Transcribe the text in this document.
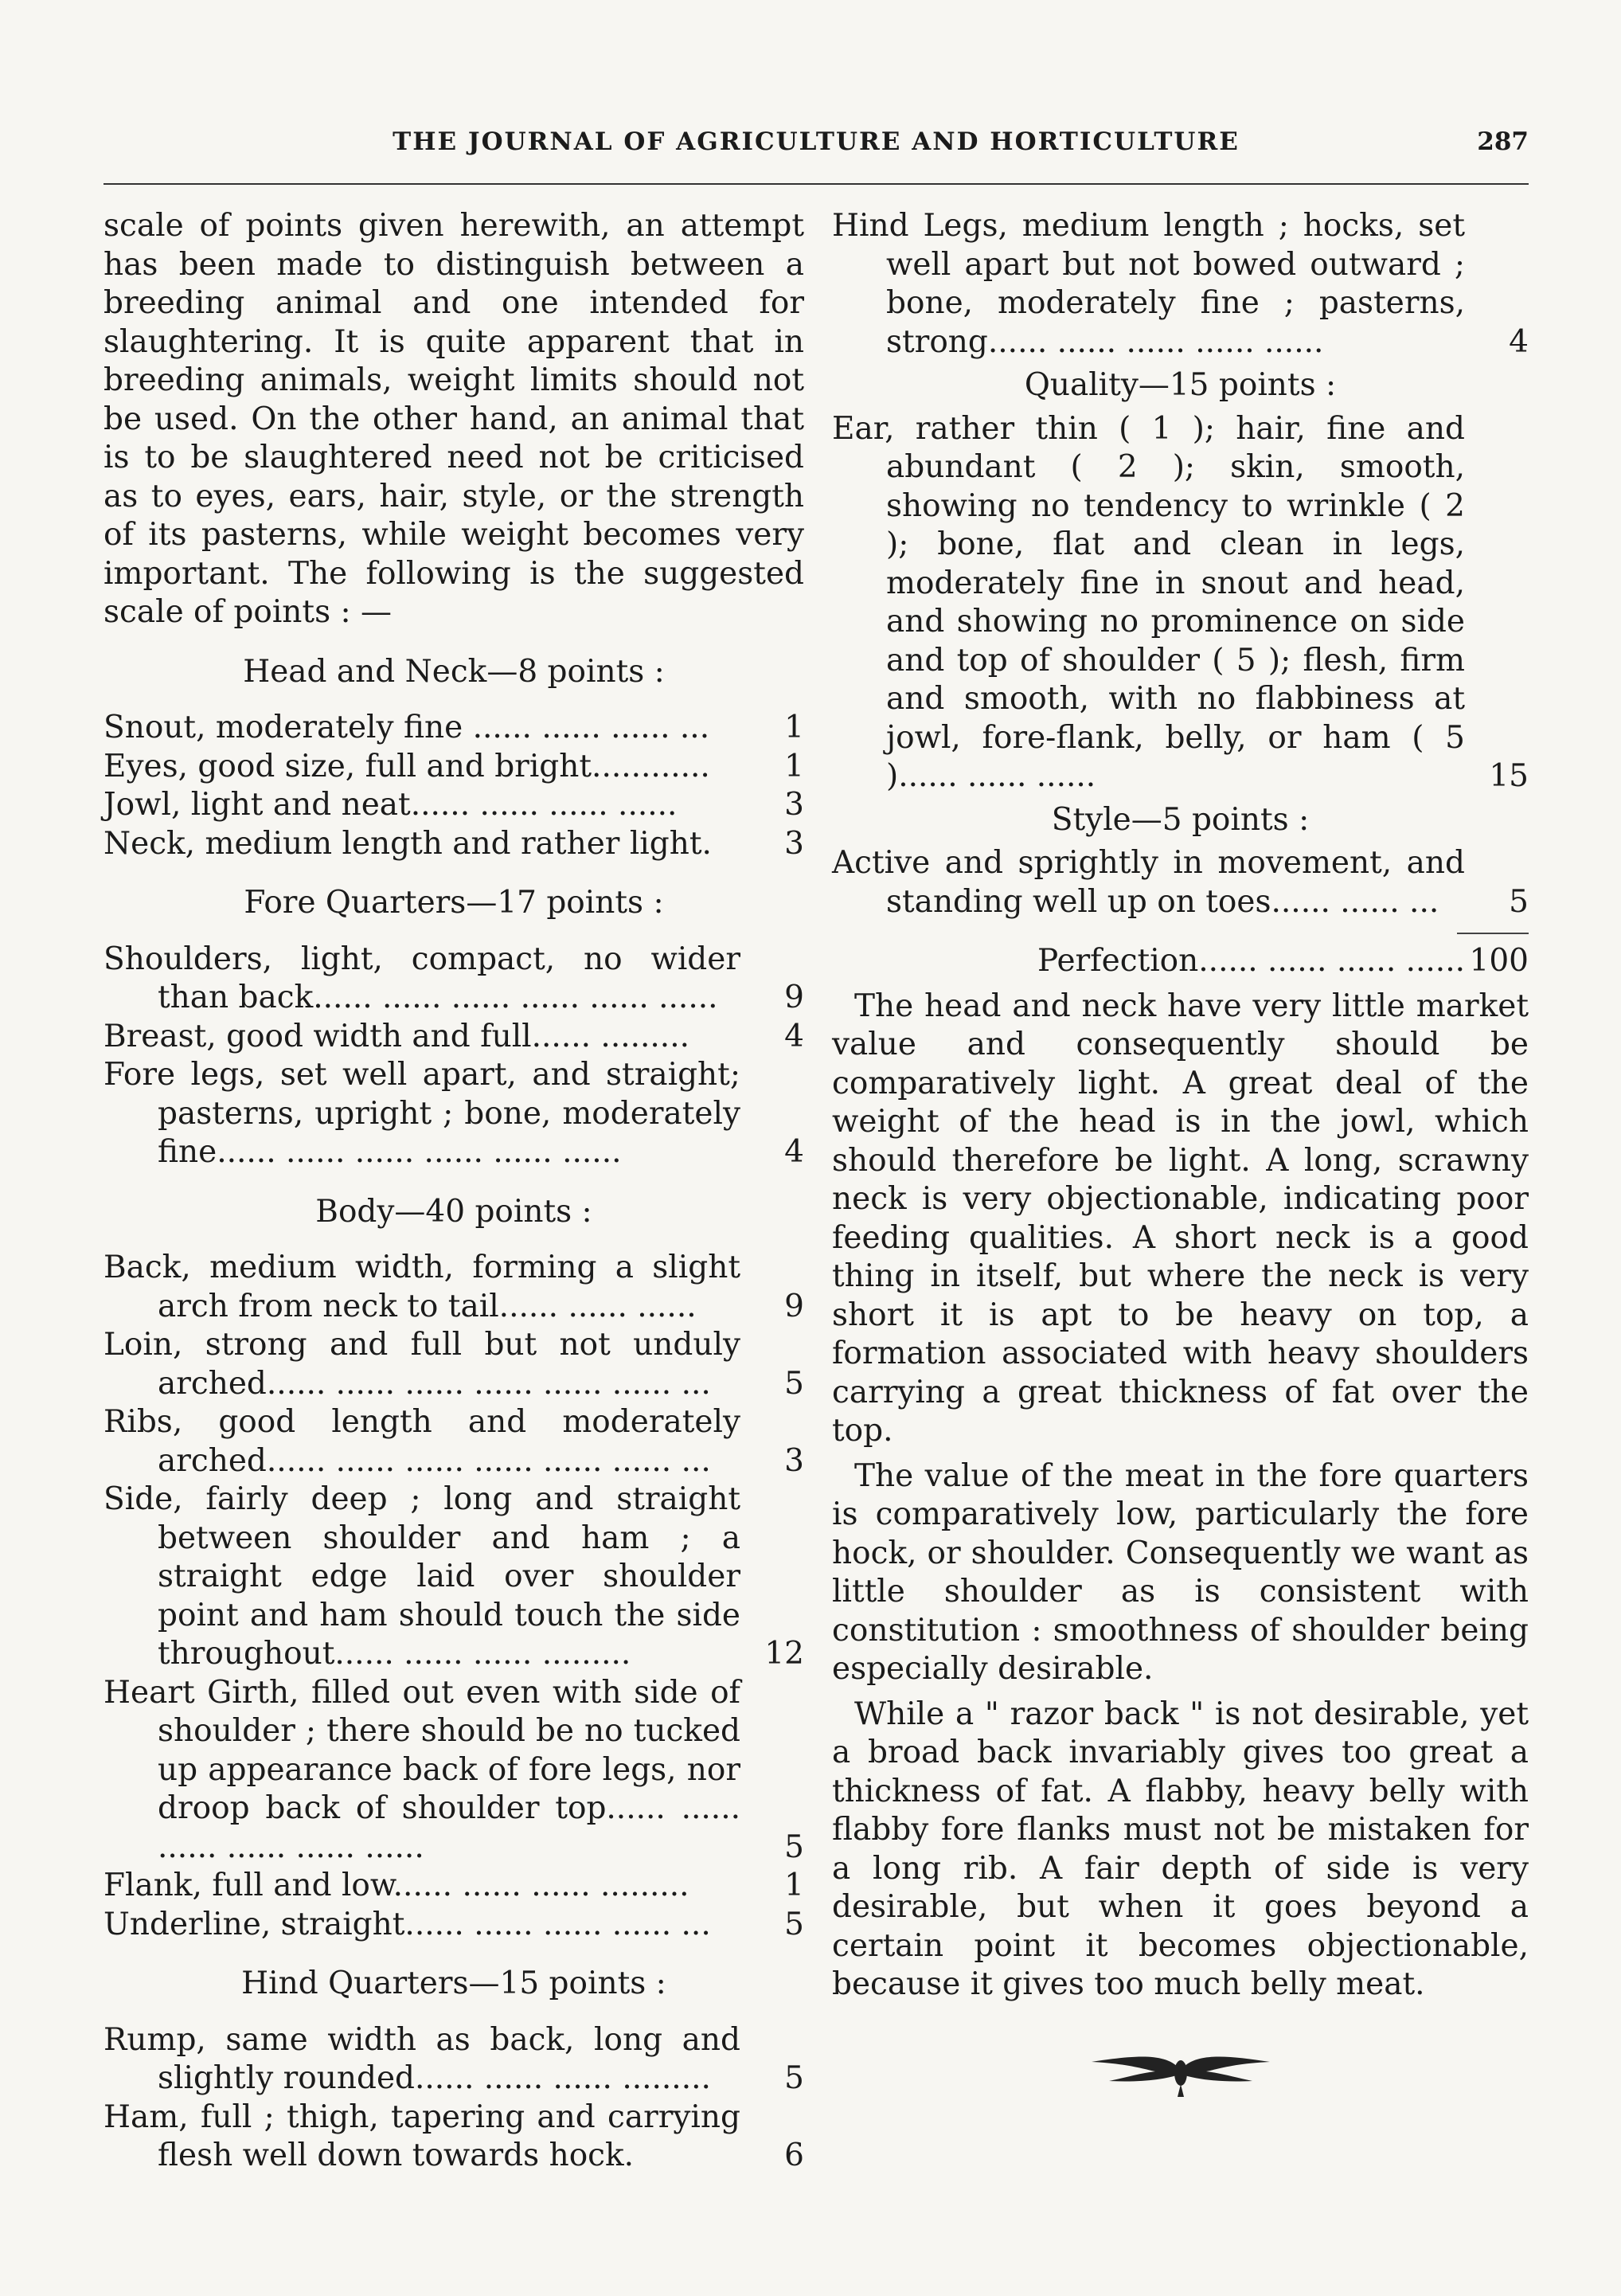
THE JOURNAL OF AGRICULTURE AND HORTICULTURE	287

scale of points given herewith, an attempt has been made to distinguish between a breeding animal and one intended for slaughtering. It is quite apparent that in breeding animals, weight limits should not be used. On the other hand, an animal that is to be slaughtered need not be criticised as to eyes, ears, hair, style, or the strength of its pasterns, while weight becomes very important. The following is the suggested scale of points : —

Head and Neck—8 points :
Snout, moderately fine ...... ...... ...... ...	1
Eyes, good size, full and bright............	1
Jowl, light and neat...... ...... ...... ......	3
Neck, medium length and rather light.	3
Fore Quarters—17 points :
Shoulders, light, compact, no wider than back...... ...... ...... ...... ...... ......	9
Breast, good width and full...... .........	4
Fore legs, set well apart, and straight; pasterns, upright ; bone, moderately fine...... ...... ...... ...... ...... ......	4
Body—40 points :
Back, medium width, forming a slight arch from neck to tail...... ...... ......	9
Loin, strong and full but not unduly arched...... ...... ...... ...... ...... ...... ...	5
Ribs, good length and moderately arched...... ...... ...... ...... ...... ...... ...	3
Side, fairly deep ; long and straight between shoulder and ham ; a straight edge laid over shoulder point and ham should touch the side throughout...... ...... ...... .........	12
Heart Girth, filled out even with side of shoulder ; there should be no tucked up appearance back of fore legs, nor droop back of shoulder top...... ...... ...... ...... ...... ......	5
Flank, full and low...... ...... ...... .........	1
Underline, straight...... ...... ...... ...... ...	5
Hind Quarters—15 points :
Rump, same width as back, long and slightly rounded...... ...... ...... .........	5
Ham, full ; thigh, tapering and carrying flesh well down towards hock.	6
Hind Legs, medium length ; hocks, set well apart but not bowed outward ; bone, moderately fine ; pasterns, strong...... ...... ...... ...... ......	4
Quality—15 points :
Ear, rather thin ( 1 ); hair, fine and abundant ( 2 ); skin, smooth, showing no tendency to wrinkle ( 2 ); bone, flat and clean in legs, moderately fine in snout and head, and showing no prominence on side and top of shoulder ( 5 ); flesh, firm and smooth, with no flabbiness at jowl, fore-flank, belly, or ham ( 5 )...... ...... ......	15
Style—5 points :
Active and sprightly in movement, and standing well up on toes...... ...... ...	5
Perfection...... ...... ...... ...... 100

The head and neck have very little market value and consequently should be comparatively light. A great deal of the weight of the head is in the jowl, which should therefore be light. A long, scrawny neck is very objectionable, indicating poor feeding qualities. A short neck is a good thing in itself, but where the neck is very short it is apt to be heavy on top, a formation associated with heavy shoulders carrying a great thickness of fat over the top.

The value of the meat in the fore quarters is comparatively low, particularly the fore hock, or shoulder. Consequently we want as little shoulder as is consistent with constitution : smoothness of shoulder being especially desirable.

While a " razor back " is not desirable, yet a broad back invariably gives too great a thickness of fat. A flabby, heavy belly with flabby fore flanks must not be mistaken for a long rib. A fair depth of side is very desirable, but when it goes beyond a certain point it becomes objectionable, because it gives too much belly meat.
